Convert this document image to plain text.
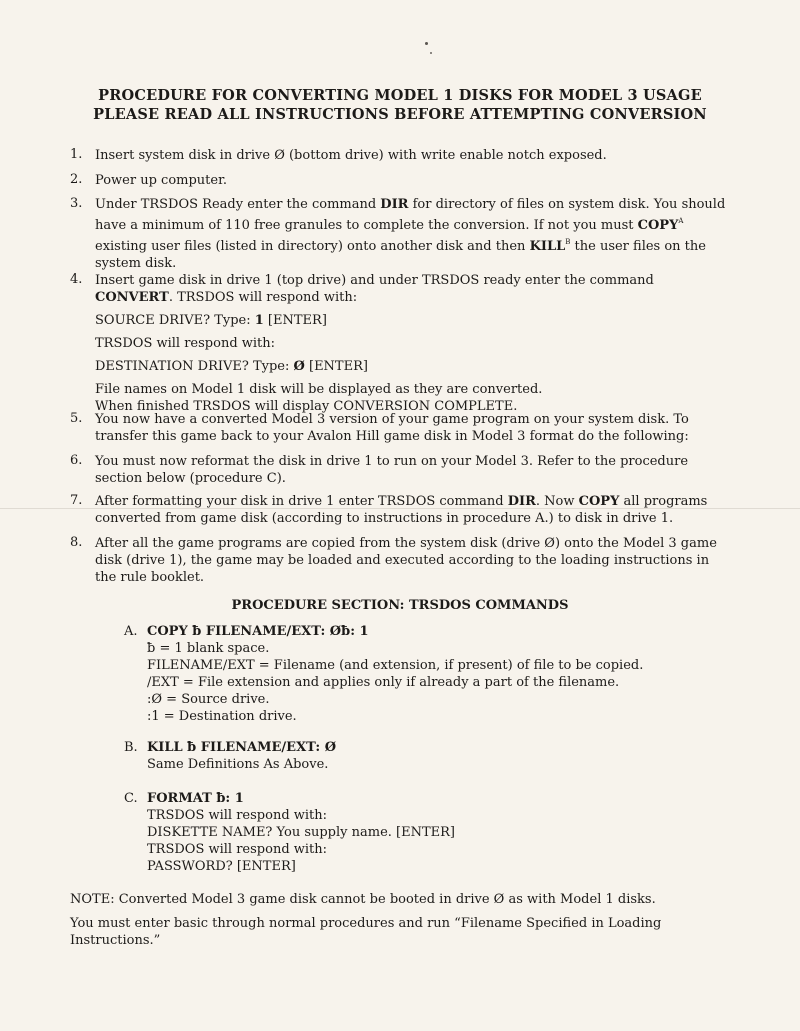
PROCEDURE FOR CONVERTING MODEL 1 DISKS FOR MODEL 3 USAGE
PLEASE READ ALL INSTRUCTIONS BEFORE ATTEMPTING CONVERSION
1. Insert system disk in drive Ø (bottom drive) with write enable notch exposed.

2. Power up computer.

3. Under TRSDOS Ready enter the command DIR for directory of files on system disk. You should have a minimum of 110 free granules to complete the conversion. If not you must $COPY^A$ existing user files (listed in directory) onto another disk and then $KILL^B$ the user files on the system disk.
4. Insert game disk in drive 1 (top drive) and under TRSDOS ready enter the command CONVERT. TRSDOS will respond with:

SOURCE DRIVE? Type: 1 [ENTER]

TRSDOS will respond with:

DESTINATION DRIVE? Type: Ø [ENTER]

File names on Model 1 disk will be displayed as they are converted.

When finished TRSDOS will display CONVERSION COMPLETE.

5. You now have a converted Model 3 version of your game program on your system disk. To transfer this game back to your Avalon Hill game disk in Model 3 format do the following:

6. You must now reformat the disk in drive 1 to run on your Model 3. Refer to the procedure section below (procedure C).

7. After formatting your disk in drive 1 enter TRSDOS command DIR. Now COPY all programs converted from game disk (according to instructions in procedure A.) to disk in drive 1.
8. After all the game programs are copied from the system disk (drive Ø) onto the Model 3 game disk (drive 1), the game may be loaded and executed according to the loading instructions in the rule booklet.

PROCEDURE SECTION: TRSDOS COMMANDS
A. COPY ƀ FILENAME/EXT: Øƀ: 1

ƀ = 1 blank space.

FILENAME/EXT = Filename (and extension, if present) of file to be copied.

/EXT = File extension and applies only if already a part of the filename.

:Ø = Source drive.

:1 = Destination drive.

B. KILL ƀ FILENAME/EXT: Ø

Same Definitions As Above.

C. FORMAT ƀ: 1

TRSDOS will respond with:

DISKETTE NAME? You supply name. [ENTER]

TRSDOS will respond with:

PASSWORD? [ENTER]

NOTE: Converted Model 3 game disk cannot be booted in drive Ø as with Model 1 disks.

You must enter basic through normal procedures and run “Filename Specified in Loading Instructions.”
